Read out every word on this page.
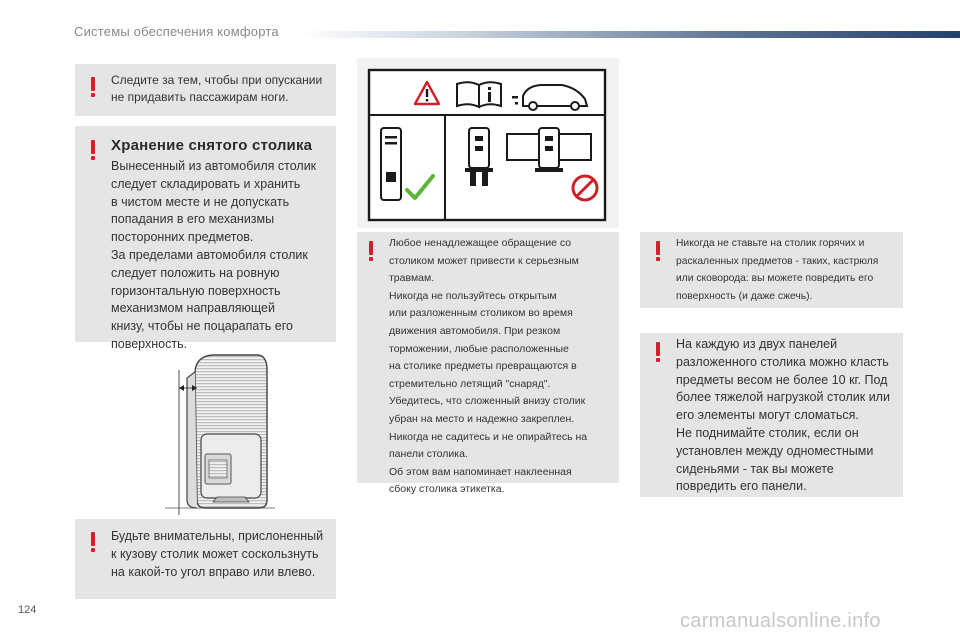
Системы обеспечения комфорта
Следите за тем, чтобы при опускании
не придавить пассажирам ноги.
Хранение снятого столика
Вынесенный из автомобиля столик
следует складировать и хранить
в чистом месте и не допускать
попадания в его механизмы
посторонних предметов.
За пределами автомобиля столик
следует положить на ровную
горизонтальную поверхность
механизмом направляющей
книзу, чтобы не поцарапать его
поверхность.
Будьте внимательны, прислоненный
к кузову столик может соскользнуть
на какой-то угол вправо или влево.
Любое ненадлежащее обращение со
столиком может привести к серьезным
травмам.
Никогда не пользуйтесь открытым
или разложенным столиком во время
движения автомобиля. При резком
торможении, любые расположенные
на столике предметы превращаются в
стремительно летящий "снаряд".
Убедитесь, что сложенный внизу столик
убран на место и надежно закреплен.
Никогда не садитесь и не опирайтесь на
панели столика.
Об этом вам напоминает наклеенная
сбоку столика этикетка.
Никогда не ставьте на столик горячих и
раскаленных предметов - таких, кастрюля
или сковорода: вы можете повредить его
поверхность (и даже сжечь).
На каждую из двух панелей
разложенного столика можно класть
предметы весом не более 10 кг. Под
более тяжелой нагрузкой столик или
его элементы могут сломаться.
Не поднимайте столик, если он
установлен между одноместными
сиденьями - так вы можете
повредить его панели.
124	carmanualsonline.info
